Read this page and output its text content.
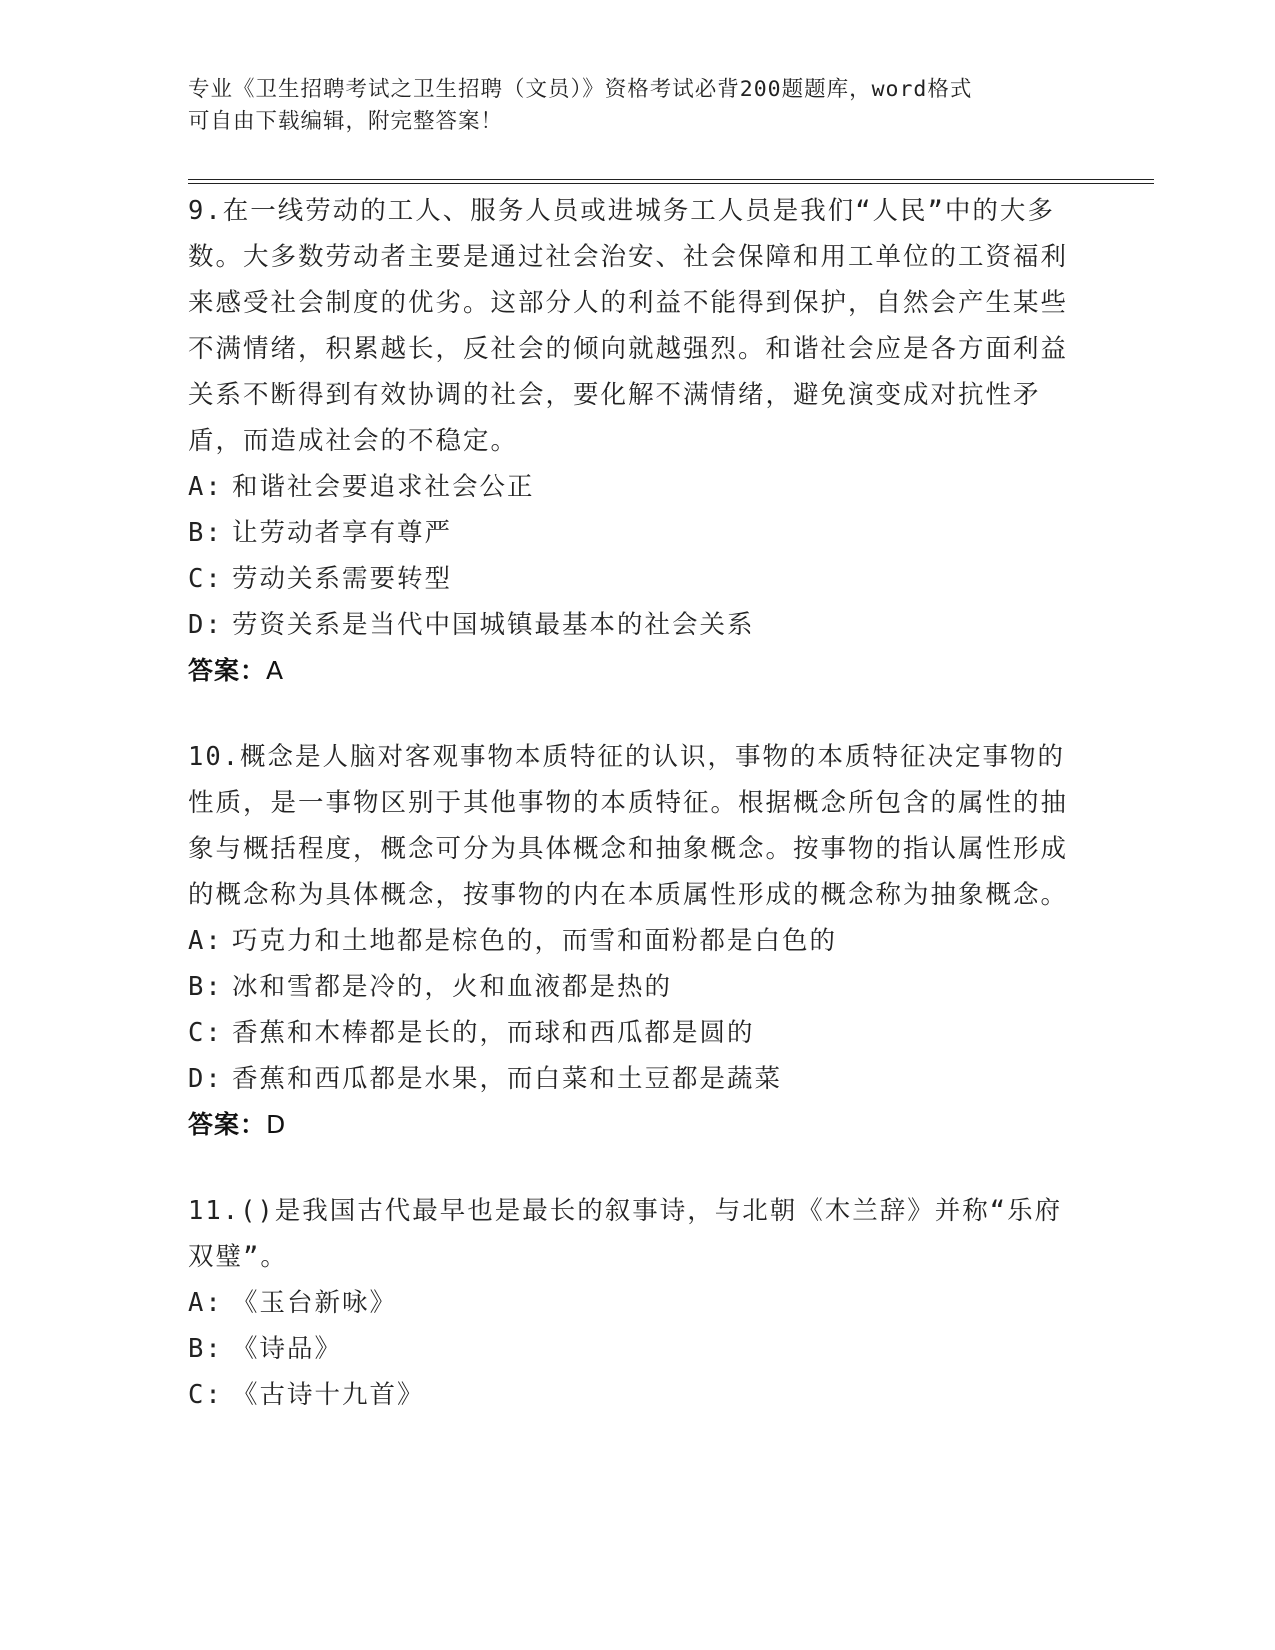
专业《卫生招聘考试之卫生招聘（文员）》资格考试必背200题题库，word格式
可自由下载编辑，附完整答案！

9.在一线劳动的工人、服务人员或进城务工人员是我们“人民”中的大多数。大多数劳动者主要是通过社会治安、社会保障和用工单位的工资福利来感受社会制度的优劣。这部分人的利益不能得到保护，自然会产生某些不满情绪，积累越长，反社会的倾向就越强烈。和谐社会应是各方面利益关系不断得到有效协调的社会，要化解不满情绪，避免演变成对抗性矛盾，而造成社会的不稳定。

A: 和谐社会要追求社会公正

B: 让劳动者享有尊严

C: 劳动关系需要转型

D: 劳资关系是当代中国城镇最基本的社会关系

答案：A

10.概念是人脑对客观事物本质特征的认识，事物的本质特征决定事物的性质，是一事物区别于其他事物的本质特征。根据概念所包含的属性的抽象与概括程度，概念可分为具体概念和抽象概念。按事物的指认属性形成的概念称为具体概念，按事物的内在本质属性形成的概念称为抽象概念。

A: 巧克力和土地都是棕色的，而雪和面粉都是白色的

B: 冰和雪都是冷的，火和血液都是热的

C: 香蕉和木棒都是长的，而球和西瓜都是圆的

D: 香蕉和西瓜都是水果，而白菜和土豆都是蔬菜

答案：D

11.()是我国古代最早也是最长的叙事诗，与北朝《木兰辞》并称“乐府双璧”。

A: 《玉台新咏》

B: 《诗品》

C: 《古诗十九首》
